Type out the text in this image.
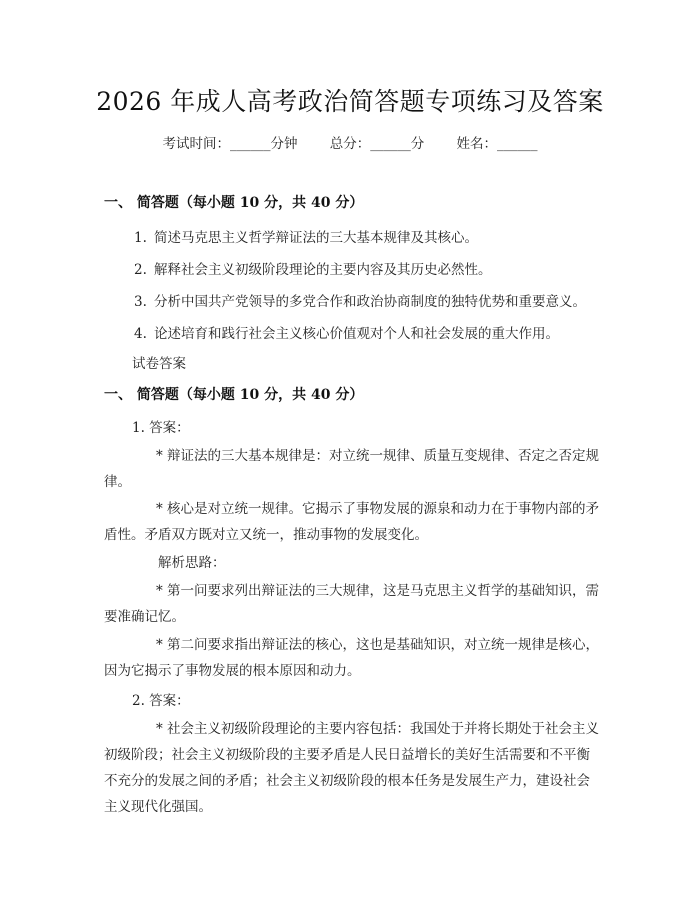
2026 年成人高考政治简答题专项练习及答案
考试时间：______分钟 总分：______分 姓名：______
一、 简答题（每小题 10 分，共 40 分）
1. 简述马克思主义哲学辩证法的三大基本规律及其核心。
2. 解释社会主义初级阶段理论的主要内容及其历史必然性。
3. 分析中国共产党领导的多党合作和政治协商制度的独特优势和重要意义。
4. 论述培育和践行社会主义核心价值观对个人和社会发展的重大作用。
试卷答案
一、 简答题（每小题 10 分，共 40 分）
1. 答案：
* 辩证法的三大基本规律是：对立统一规律、质量互变规律、否定之否定规律。
* 核心是对立统一规律。它揭示了事物发展的源泉和动力在于事物内部的矛盾性。矛盾双方既对立又统一，推动事物的发展变化。
解析思路：
* 第一问要求列出辩证法的三大规律，这是马克思主义哲学的基础知识，需要准确记忆。
* 第二问要求指出辩证法的核心，这也是基础知识，对立统一规律是核心，因为它揭示了事物发展的根本原因和动力。
2. 答案：
* 社会主义初级阶段理论的主要内容包括：我国处于并将长期处于社会主义初级阶段；社会主义初级阶段的主要矛盾是人民日益增长的美好生活需要和不平衡不充分的发展之间的矛盾；社会主义初级阶段的根本任务是发展生产力，建设社会主义现代化强国。
